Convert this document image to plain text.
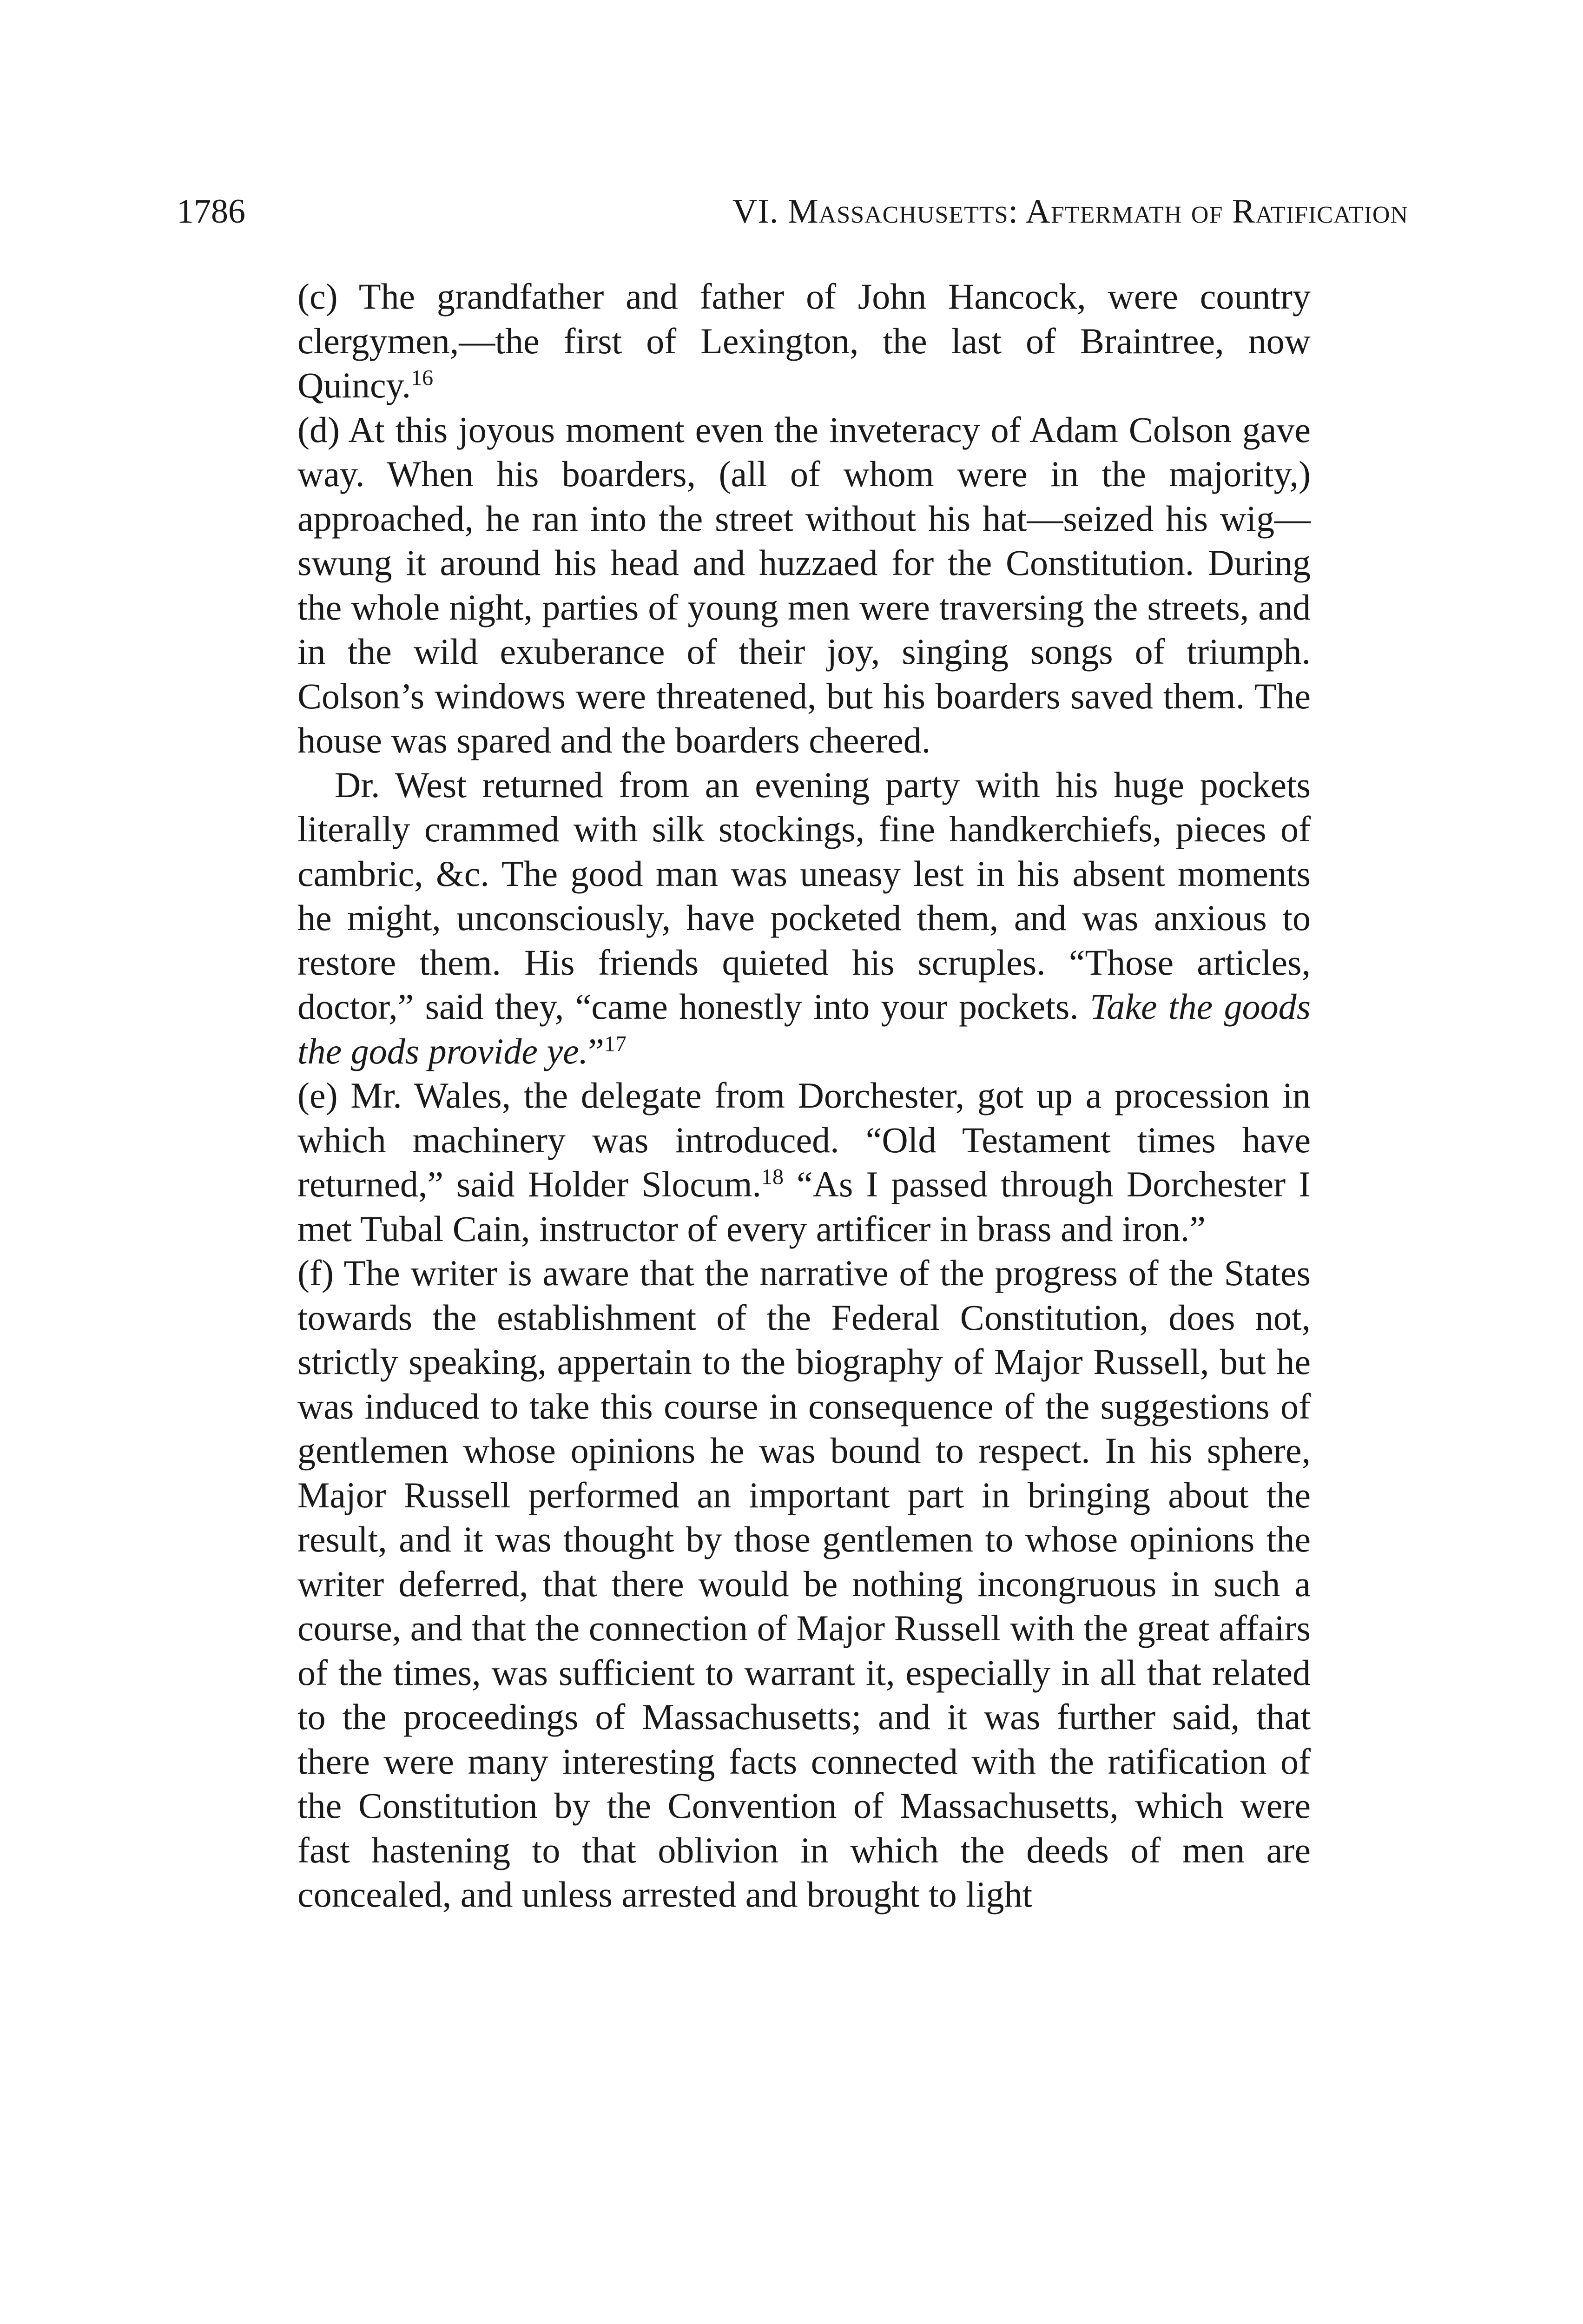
1786	VI. Massachusetts: Aftermath of Ratification

(c) The grandfather and father of John Hancock, were country clergymen,—the first of Lexington, the last of Braintree, now Quincy.$^{16}$

(d) At this joyous moment even the inveteracy of Adam Colson gave way. When his boarders, (all of whom were in the majority,) approached, he ran into the street without his hat—seized his wig—swung it around his head and huzzaed for the Constitution. During the whole night, parties of young men were traversing the streets, and in the wild exuberance of their joy, singing songs of triumph. Colson’s windows were threatened, but his boarders saved them. The house was spared and the boarders cheered.

Dr. West returned from an evening party with his huge pockets literally crammed with silk stockings, fine handkerchiefs, pieces of cambric, &c. The good man was uneasy lest in his absent moments he might, unconsciously, have pocketed them, and was anxious to restore them. His friends quieted his scruples. “Those articles, doctor,” said they, “came honestly into your pockets. Take the goods the gods provide ye.”$^{17}$

(e) Mr. Wales, the delegate from Dorchester, got up a procession in which machinery was introduced. “Old Testament times have returned,” said Holder Slocum.$^{18}$ “As I passed through Dorchester I met Tubal Cain, instructor of every artificer in brass and iron.”

(f) The writer is aware that the narrative of the progress of the States towards the establishment of the Federal Constitution, does not, strictly speaking, appertain to the biography of Major Russell, but he was induced to take this course in consequence of the suggestions of gentlemen whose opinions he was bound to respect. In his sphere, Major Russell performed an important part in bringing about the result, and it was thought by those gentlemen to whose opinions the writer deferred, that there would be nothing incongruous in such a course, and that the connection of Major Russell with the great affairs of the times, was sufficient to warrant it, especially in all that related to the proceedings of Massachusetts; and it was further said, that there were many interesting facts connected with the ratification of the Constitution by the Convention of Massachusetts, which were fast hastening to that oblivion in which the deeds of men are concealed, and unless arrested and brought to light
